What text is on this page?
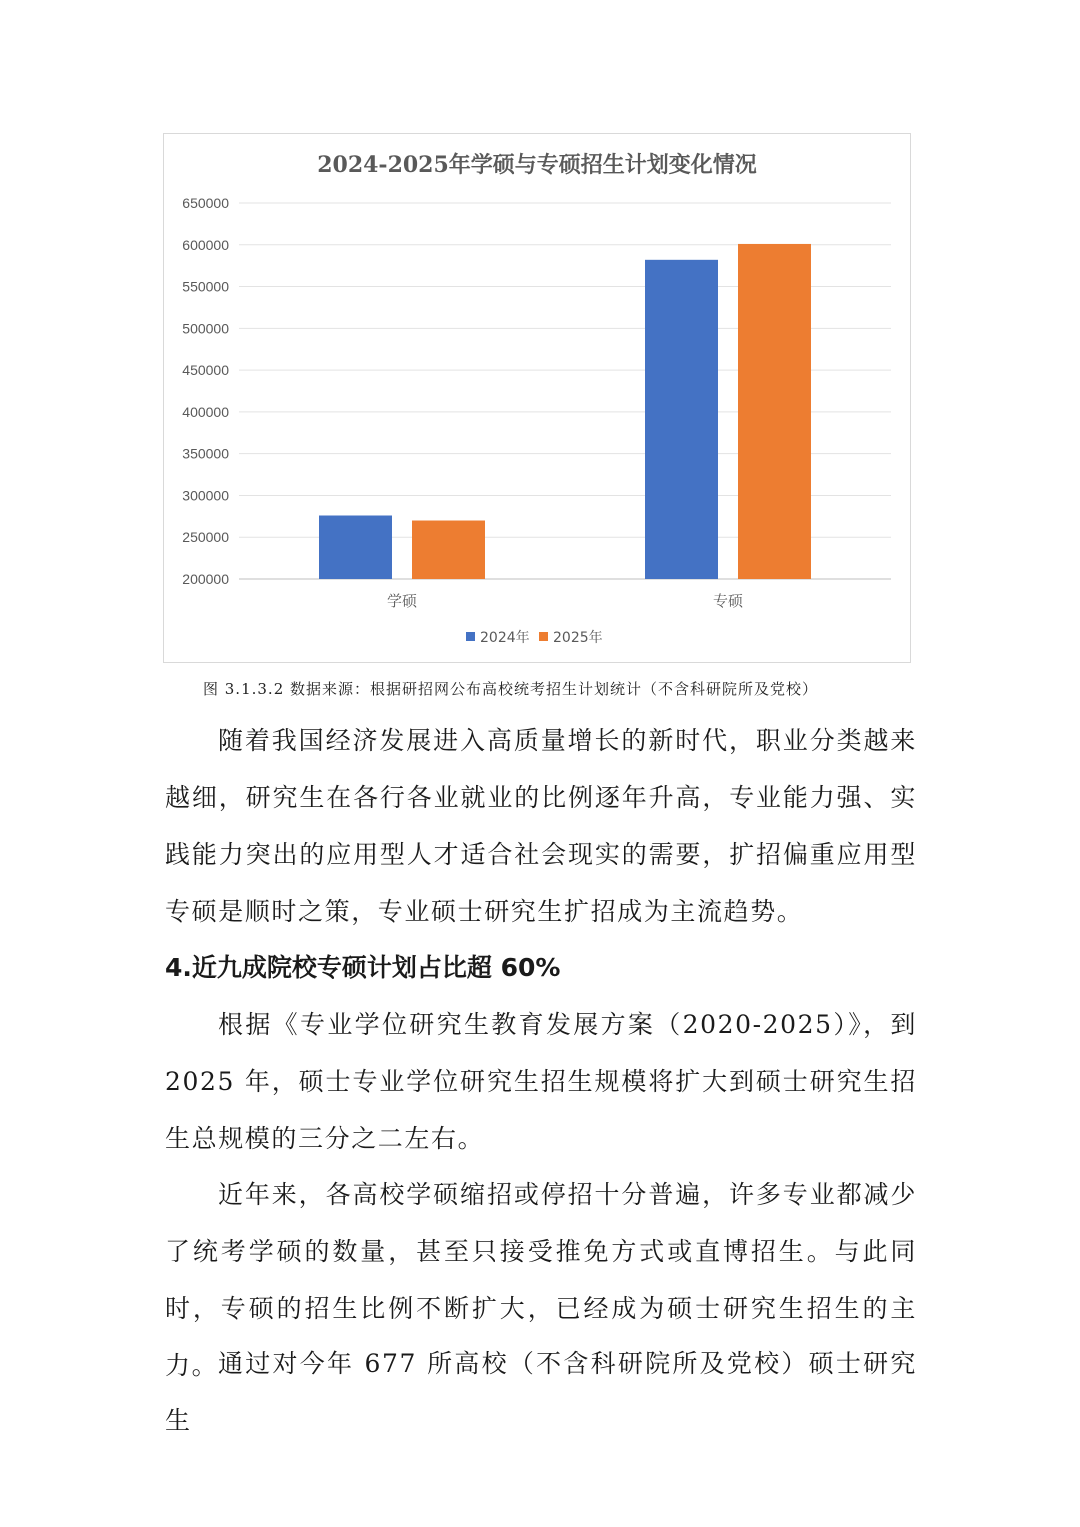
2024-2025年学硕与专硕招生计划变化情况
200000
250000
300000
350000
400000
450000
500000
550000
600000
650000
学硕	专硕
2024年 2025年
图 3.1.3.2 数据来源：根据研招网公布高校统考招生计划统计（不含科研院所及党校）
随着我国经济发展进入高质量增长的新时代，职业分类越来越细，研究生在各行各业就业的比例逐年升高，专业能力强、实践能力突出的应用型人才适合社会现实的需要，扩招偏重应用型专硕是顺时之策，专业硕士研究生扩招成为主流趋势。
4.近九成院校专硕计划占比超 60%
根据《专业学位研究生教育发展方案（2020-2025）》，到2025 年，硕士专业学位研究生招生规模将扩大到硕士研究生招生总规模的三分之二左右。
近年来，各高校学硕缩招或停招十分普遍，许多专业都减少了统考学硕的数量，甚至只接受推免方式或直博招生。与此同时，专硕的招生比例不断扩大，已经成为硕士研究生招生的主力。 通过对今年 677 所高校（不含科研院所及党校）硕士研究生
